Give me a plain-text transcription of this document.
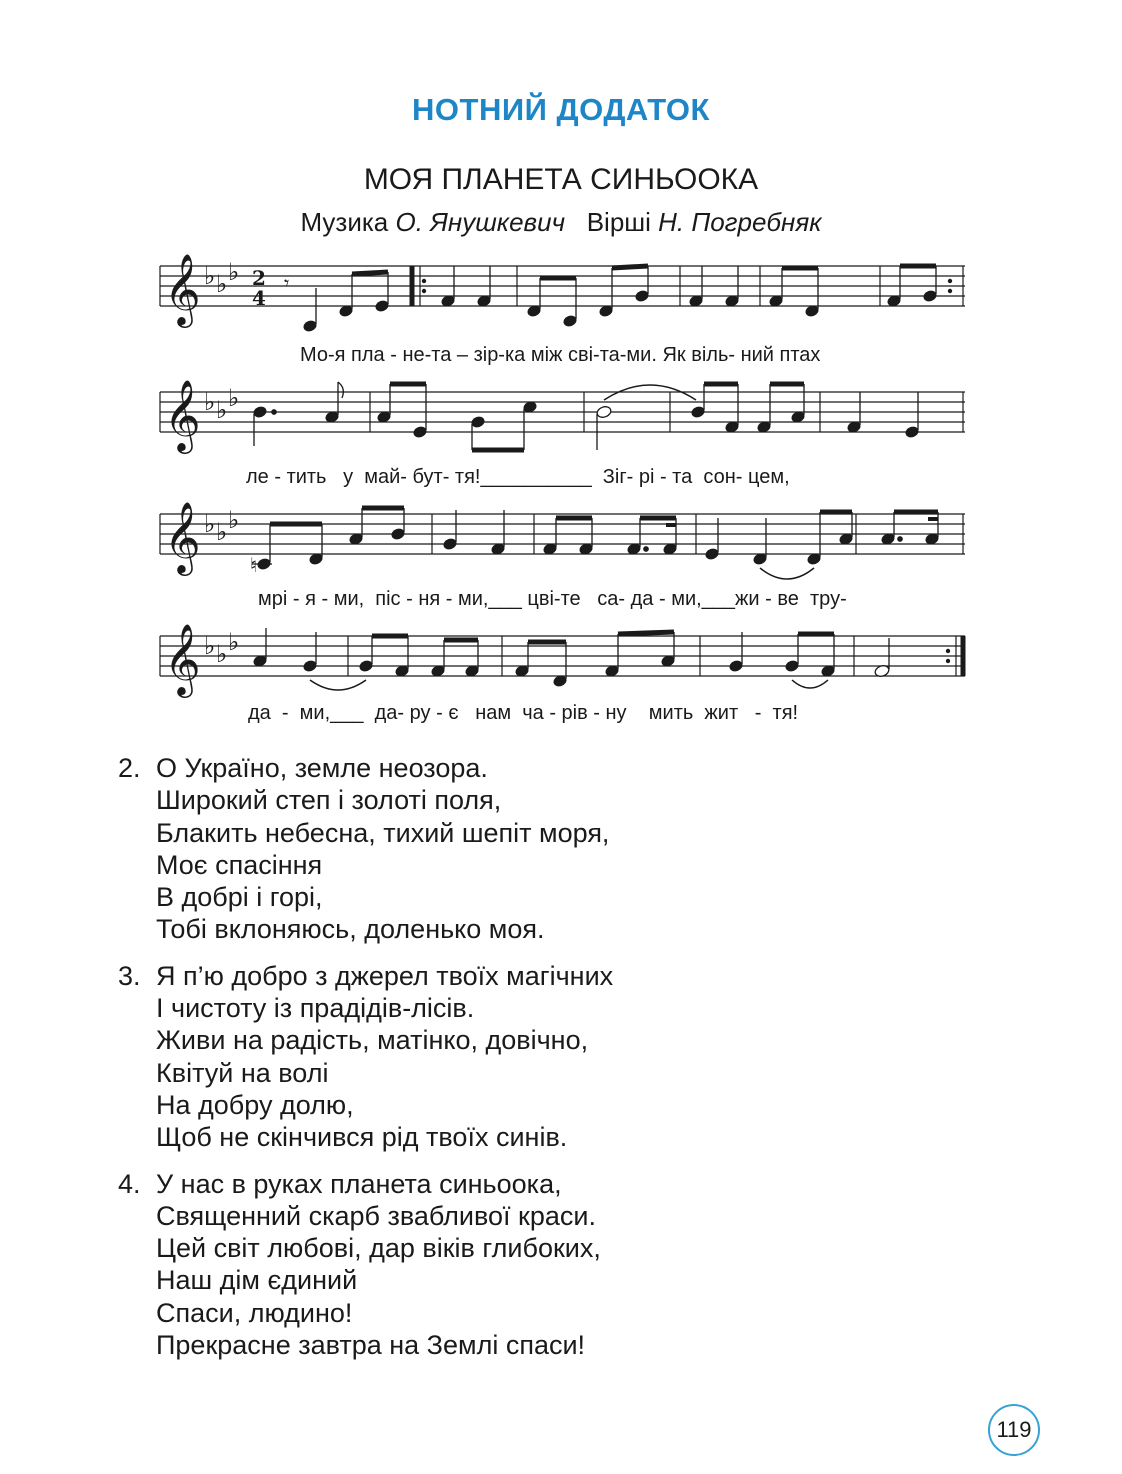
НОТНИЙ ДОДАТОК
МОЯ ПЛАНЕТА СИНЬООКА
Музика О. Янушкевич Вірші Н. Погребняк
𝄞 ♭ ♭ ♭ 2
4
𝄾
Мо-я пла - не-та – зір-ка між сві-та-ми. Як віль- ний птах
𝄞 ♭ ♭ ♭
ле - тить   у  май- бут- тя!__________  Зіг- рі - та  сон- цем,
𝄞 ♭ ♭ ♭
♮
мрі - я - ми,  піс - ня - ми,___ цві-те   са- да - ми,___жи - ве  тру-
𝄞 ♭ ♭ ♭
да  -  ми,___  да- ру - є   нам  ча - рів - ну    мить  жит   -  тя!
2. О Україно, земле неозора.
Широкий степ і золоті поля,
Блакить небесна, тихий шепіт моря,
Моє спасіння
В добрі і горі,
Тобі вклоняюсь, доленько моя.
3. Я п’ю добро з джерел твоїх магічних
І чистоту із прадідів-лісів.
Живи на радість, матінко, довічно,
Квітуй на волі
На добру долю,
Щоб не скінчився рід твоїх синів.
4. У нас в руках планета синьоока,
Священний скарб звабливої краси.
Цей світ любові, дар віків глибоких,
Наш дім єдиний
Спаси, людино!
Прекрасне завтра на Землі спаси!
119
